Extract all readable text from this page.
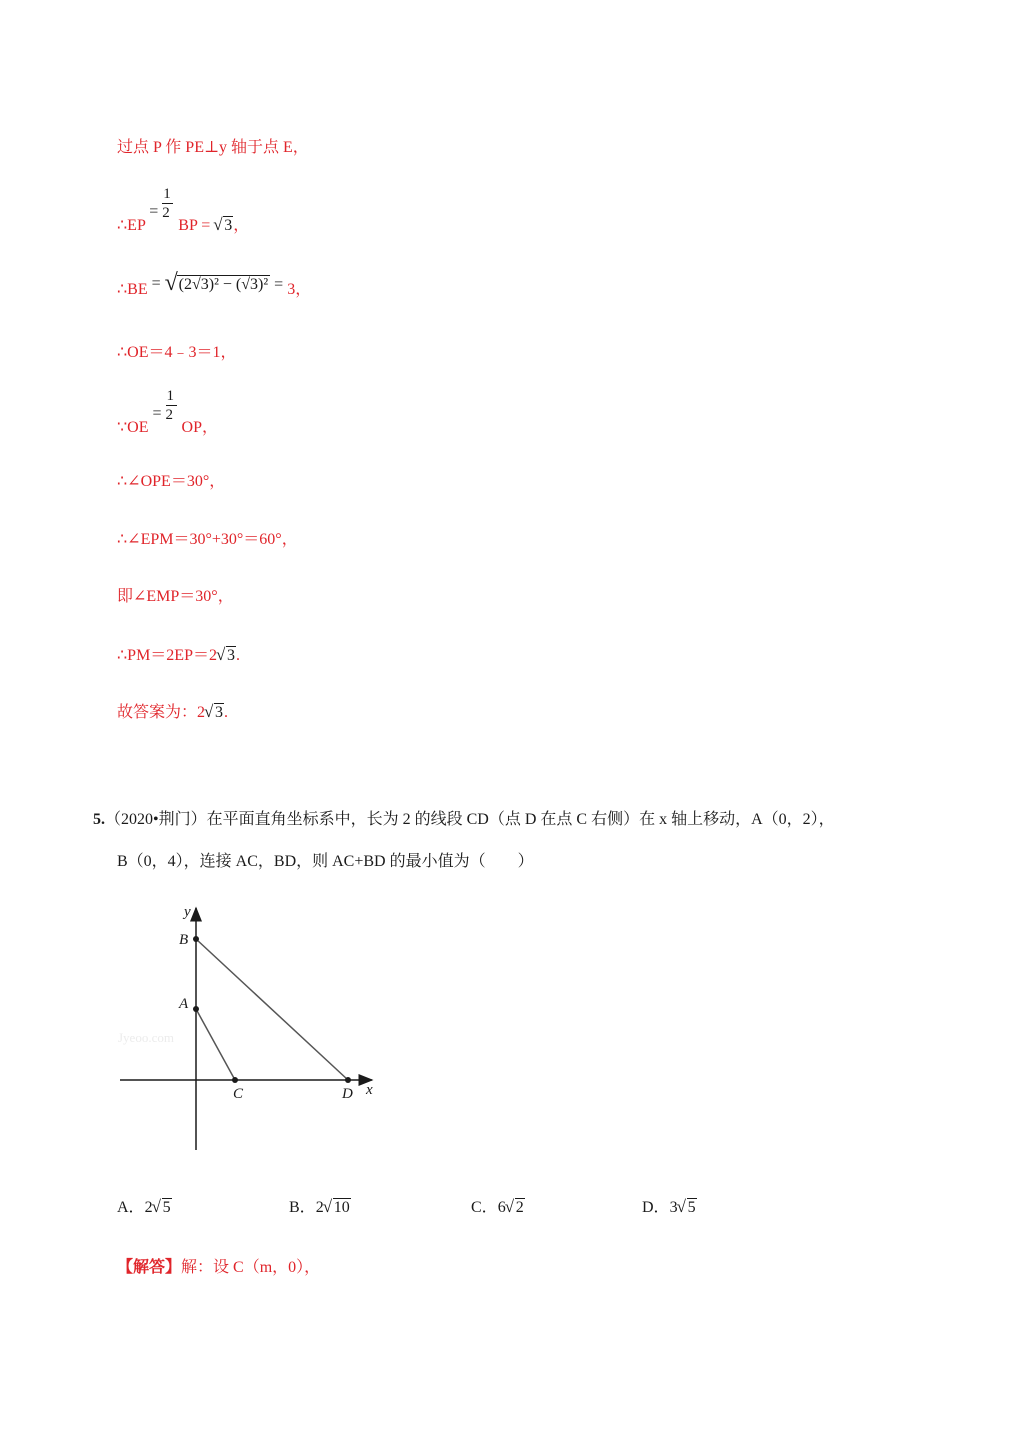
过点 P 作 PE⊥y 轴于点 E，
∴EP =
$\frac{1}{2}$ BP = √ 3，
∴BE = √ (2√3)² − (√3)² = 3，
∴OE＝4﹣3＝1，
∵OE =
$\frac{1}{2}$ OP，
∴∠OPE＝30°，
∴∠EPM＝30°+30°＝60°，
即∠EMP＝30°，
∴PM＝2EP＝2 √ 3.
故答案为：2 √ 3.
5.（2020•荆门）在平面直角坐标系中，长为 2 的线段 CD（点 D 在点 C 右侧）在 x 轴上移动，A（0，2），
B（0，4），连接 AC，BD，则 AC+BD 的最小值为（　　）
Jyeoo.com
y
B
A
C	D x
A．2 √ 5	B．2 √ 10	C．6 √ 2	D．3 √ 5
【解答】解：设 C（m，0），
